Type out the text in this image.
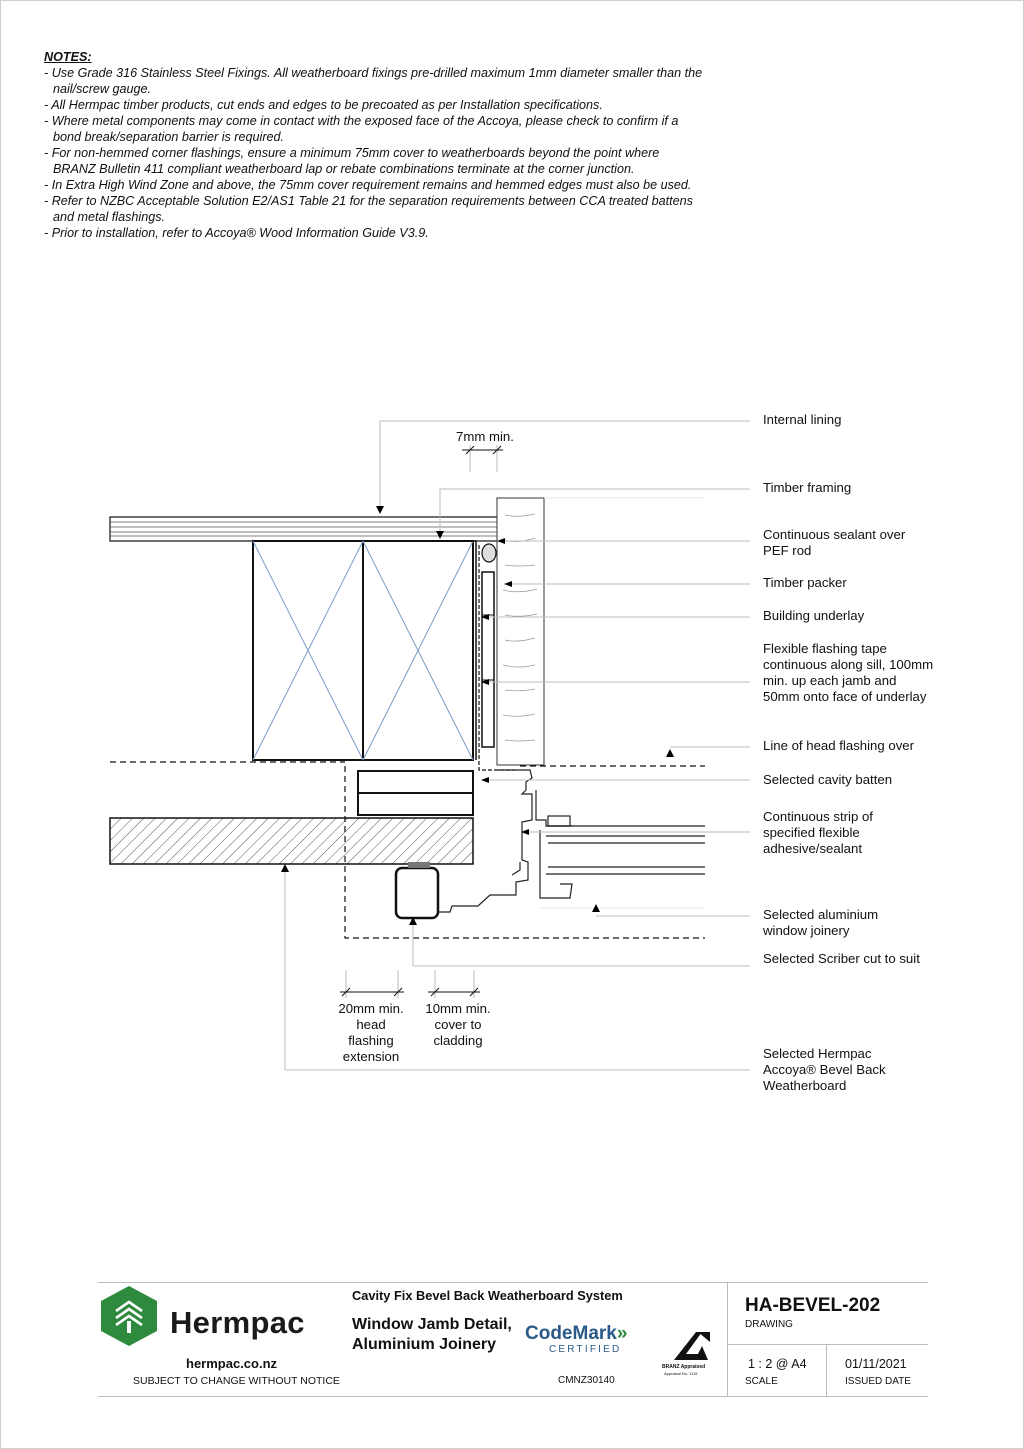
NOTES:
- Use Grade 316 Stainless Steel Fixings. All weatherboard fixings pre-drilled maximum 1mm diameter smaller than the nail/screw gauge.
- All Hermpac timber products, cut ends and edges to be precoated as per Installation specifications.
- Where metal components may come in contact with the exposed face of the Accoya, please check to confirm if a bond break/separation barrier is required.
- For non-hemmed corner flashings, ensure a minimum 75mm cover to weatherboards beyond the point where BRANZ Bulletin 411 compliant weatherboard lap or rebate combinations terminate at the corner junction.
- In Extra High Wind Zone and above, the 75mm cover requirement remains and hemmed edges must also be used.
- Refer to NZBC Acceptable Solution E2/AS1 Table 21 for the separation requirements between CCA treated battens and metal flashings.
- Prior to installation, refer to Accoya® Wood Information Guide V3.9.
Internal lining
Timber framing
Continuous sealant over PEF rod
Timber packer
Building underlay
Flexible flashing tape continuous along sill, 100mm min. up each jamb and 50mm onto face of underlay
Line of head flashing over
Selected cavity batten
Continuous strip of specified flexible adhesive/sealant
Selected aluminium window joinery
Selected Scriber cut to suit
Selected Hermpac Accoya® Bevel Back Weatherboard
7mm min.
20mm min. head flashing extension
10mm min. cover to cladding
Hermpac
hermpac.co.nz
SUBJECT TO CHANGE WITHOUT NOTICE
Cavity Fix Bevel Back Weatherboard System
Window Jamb Detail, Aluminium Joinery
CodeMark»
CERTIFIED
CMNZ30140
BRANZ Appraised
Appraisal No. 1115
HA-BEVEL-202
DRAWING
1 : 2 @ A4
SCALE
01/11/2021
ISSUED DATE
